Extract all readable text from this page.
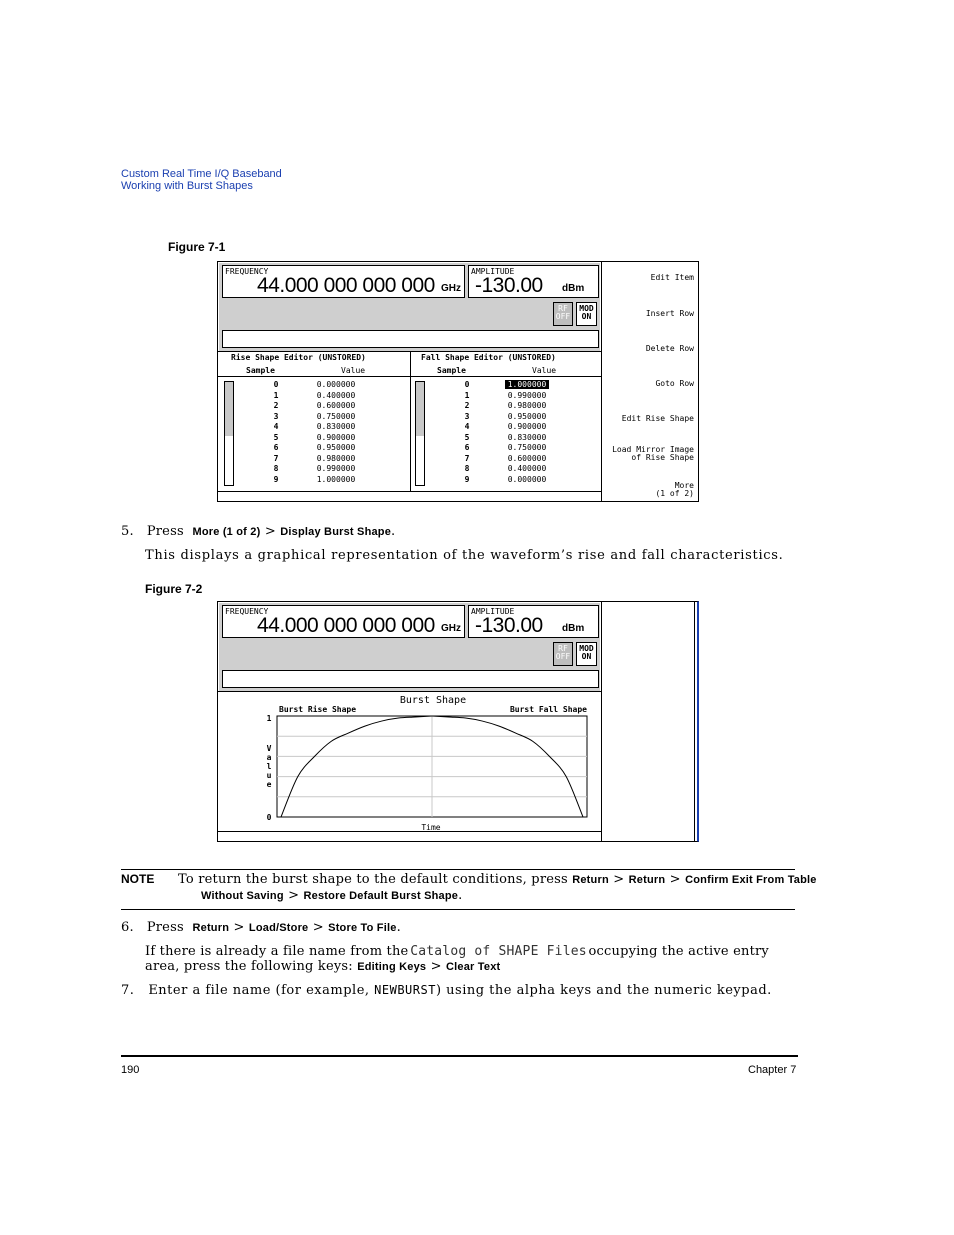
Custom Real Time I/Q Baseband
Working with Burst Shapes
Figure 7-1
FREQUENCY
44.000 000 000 000 GHz
AMPLITUDE
-130.00 dBm
RF
OFF
MOD
ON
Rise Shape Editor (UNSTORED)	Fall Shape Editor (UNSTORED)
Sample	Value	Sample	Value
0	0.000000
1	0.400000
2	0.600000
3	0.750000
4	0.830000
5	0.900000
6	0.950000
7	0.980000
8	0.990000
9	1.000000
0	1.000000
1	0.990000
2	0.980000
3	0.950000
4	0.900000
5	0.830000
6	0.750000
7	0.600000
8	0.400000
9	0.000000
Edit Item
Insert Row
Delete Row
Goto Row
Edit Rise Shape
Load Mirror Image
of Rise Shape
More
(1 of 2)
5. Press More (1 of 2) > Display Burst Shape.
This displays a graphical representation of the waveform’s rise and fall characteristics.
Figure 7-2
FREQUENCY
44.000 000 000 000 GHz
AMPLITUDE
-130.00 dBm
RF
OFF
MOD
ON
Burst Shape
Burst Rise Shape	Burst Fall Shape
1
0
V
a
l
u
e
Time
NOTE To return the burst shape to the default conditions, press Return > Return > Confirm Exit From Table
Without Saving > Restore Default Burst Shape.
6. Press Return > Load/Store > Store To File.
If there is already a file name from the Catalog of SHAPE Files occupying the active entry
area, press the following keys: Editing Keys > Clear Text
7. Enter a file name (for example, NEWBURST) using the alpha keys and the numeric keypad.
190	Chapter 7
